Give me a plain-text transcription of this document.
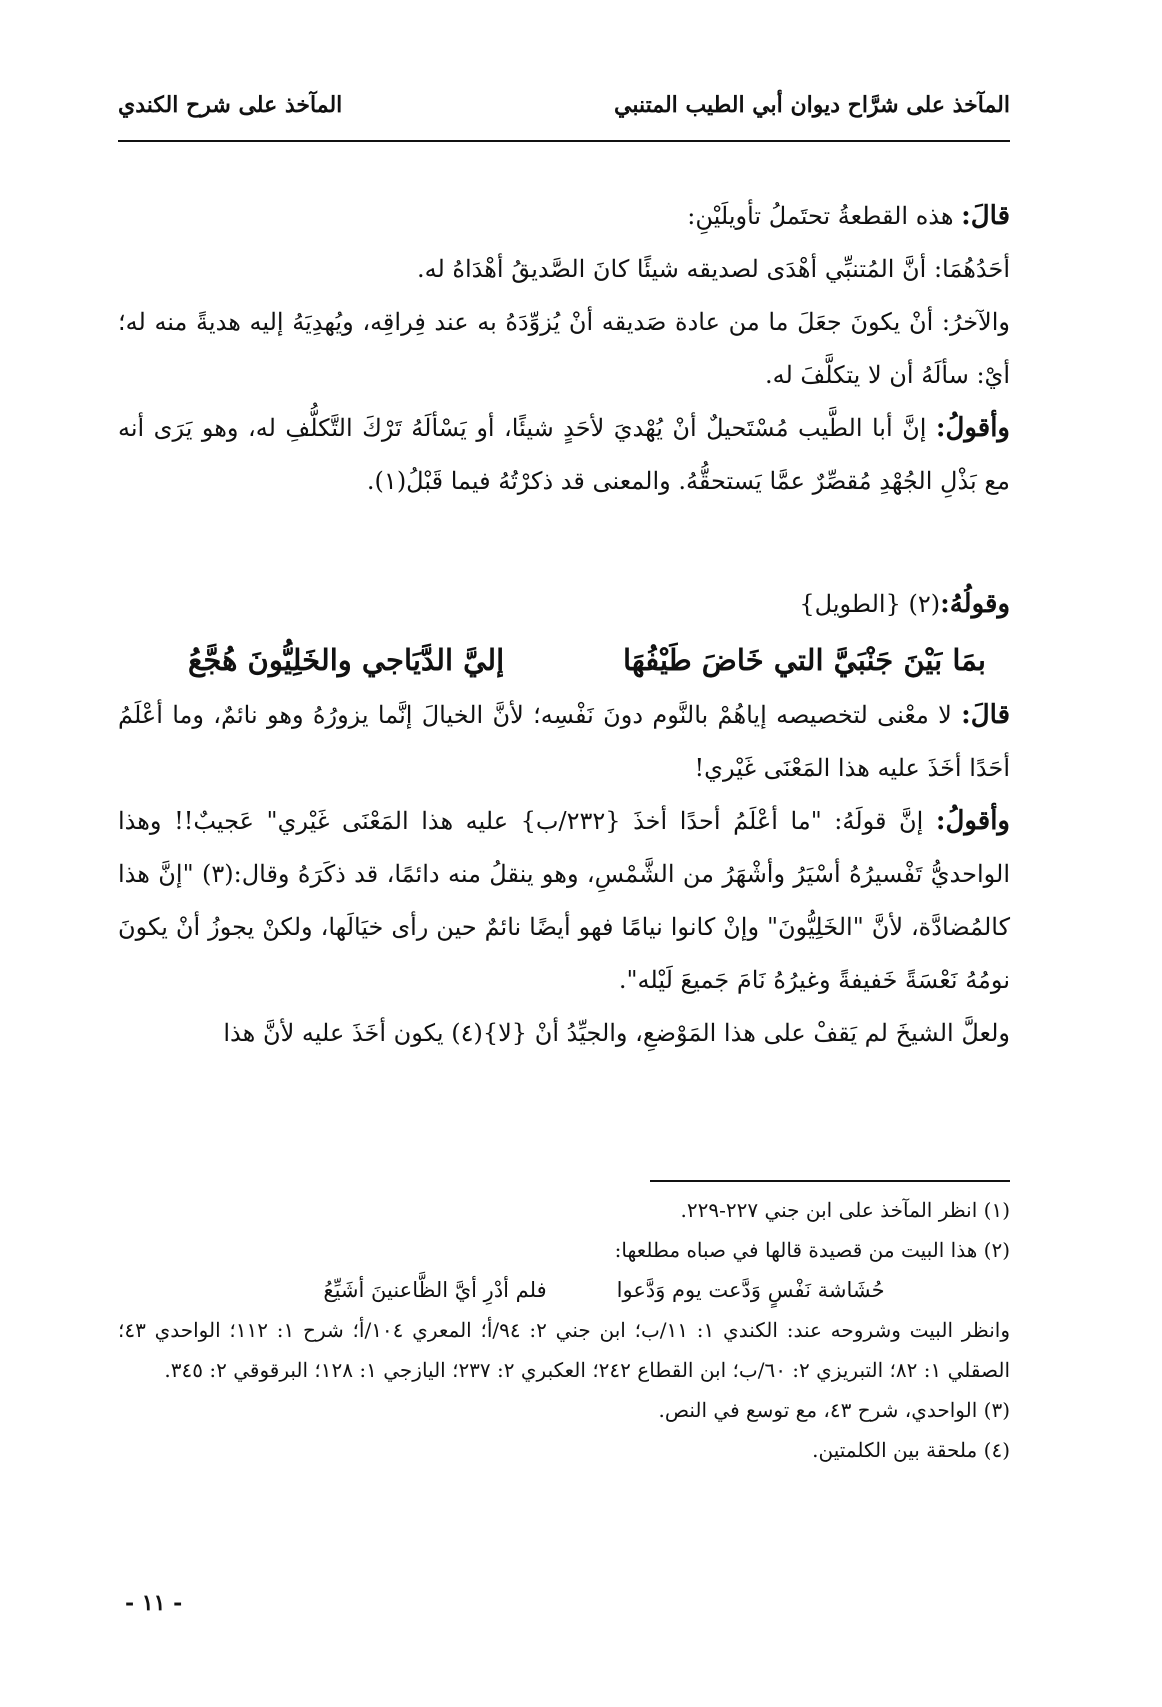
المآخذ على شرَّاح ديوان أبي الطيب المتنبي
المآخذ على شرح الكندي

قالَ: هذه القطعةُ تحتَملُ تأويلَيْنِ:

أحَدُهُمَا: أنَّ المُتنبِّي أهْدَى لصديقه شيئًا كانَ الصَّديقُ أهْدَاهُ له.

والآخرُ: أنْ يكونَ جعَلَ ما من عادة صَديقه أنْ يُزوِّدَهُ به عند فِراقِه، ويُهدِيَهُ إليه هديةً منه له؛ أيْ: سألَهُ أن لا يتكلَّفَ له.

وأقولُ: إنَّ أبا الطَّيب مُسْتَحيلٌ أنْ يُهْديَ لأحَدٍ شيئًا، أو يَسْألَهُ تَرْكَ التَّكلُّفِ له، وهو يَرَى أنه مع بَذْلِ الجُهْدِ مُقصِّرٌ عمَّا يَستحقُّهُ. والمعنى قد ذكرْتُهُ فيما قَبْلُ(١).

وقولُهُ:(٢) {الطويل}

بمَا بَيْنَ جَنْبَيَّ التي خَاضَ طَيْفُهَا
إليَّ الدَّيَاجي والخَلِيُّونَ هُجَّعُ

قالَ: لا معْنى لتخصيصه إياهُمْ بالنَّوم دونَ نَفْسِه؛ لأنَّ الخيالَ إنَّما يزورُهُ وهو نائمٌ، وما أعْلَمُ أحَدًا أخَذَ عليه هذا المَعْنَى غَيْري!

وأقولُ: إنَّ قولَهُ: "ما أعْلَمُ أحدًا أخذَ {٢٣٢/ب} عليه هذا المَعْنَى غَيْري" عَجيبٌ!! وهذا الواحديُّ تَفْسيرُهُ أسْيَرُ وأشْهَرُ من الشَّمْسِ، وهو ينقلُ منه دائمًا، قد ذكَرَهُ وقال:(٣) "إنَّ هذا كالمُضادَّة، لأنَّ "الخَلِيُّونَ" وإنْ كانوا نيامًا فهو أيضًا نائمٌ حين رأى خيَالَها، ولكنْ يجوزُ أنْ يكونَ نومُهُ نَعْسَةً خَفيفةً وغيرُهُ نَامَ جَميعَ لَيْله".

ولعلَّ الشيخَ لم يَقفْ على هذا المَوْضعِ، والجيِّدُ أنْ {لا}(٤) يكون أخَذَ عليه لأنَّ هذا

(١) انظر المآخذ على ابن جني ٢٢٧-٢٢٩.

(٢) هذا البيت من قصيدة قالها في صباه مطلعها:

حُشَاشة نَفْسٍ وَدَّعت يوم وَدَّعوا
فلم أدْرِ أيَّ الظَّاعنينَ أشَيِّعُ

وانظر البيت وشروحه عند: الكندي ١: ١١/ب؛ ابن جني ٢: ٩٤/أ؛ المعري ١٠٤/أ؛ شرح ١: ١١٢؛ الواحدي ٤٣؛ الصقلي ١: ٨٢؛ التبريزي ٢: ٦٠/ب؛ ابن القطاع ٢٤٢؛ العكبري ٢: ٢٣٧؛ اليازجي ١: ١٢٨؛ البرقوقي ٢: ٣٤٥.

(٣) الواحدي، شرح ٤٣، مع توسع في النص.

(٤) ملحقة بين الكلمتين.

- ١١ -
